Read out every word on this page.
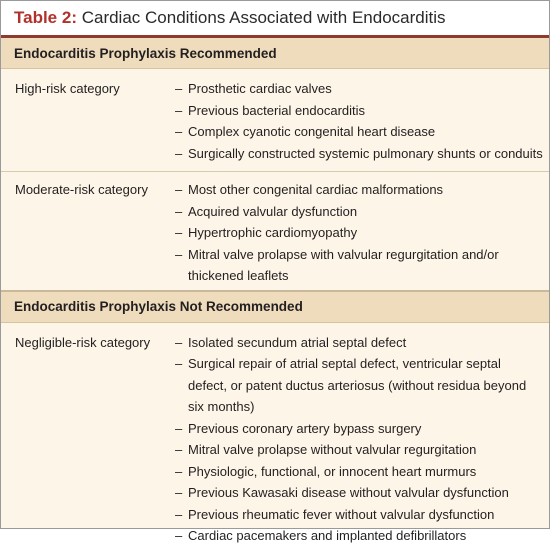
Table 2: Cardiac Conditions Associated with Endocarditis
Endocarditis Prophylaxis Recommended
High-risk category	– Prosthetic cardiac valves
– Previous bacterial endocarditis
– Complex cyanotic congenital heart disease
– Surgically constructed systemic pulmonary shunts or conduits
Moderate-risk category	– Most other congenital cardiac malformations
– Acquired valvular dysfunction
– Hypertrophic cardiomyopathy
– Mitral valve prolapse with valvular regurgitation and/or thickened leaflets
Endocarditis Prophylaxis Not Recommended
Negligible-risk category	– Isolated secundum atrial septal defect
– Surgical repair of atrial septal defect, ventricular septal defect, or patent ductus arteriosus (without residua beyond six months)
– Previous coronary artery bypass surgery
– Mitral valve prolapse without valvular regurgitation
– Physiologic, functional, or innocent heart murmurs
– Previous Kawasaki disease without valvular dysfunction
– Previous rheumatic fever without valvular dysfunction
– Cardiac pacemakers and implanted defibrillators
